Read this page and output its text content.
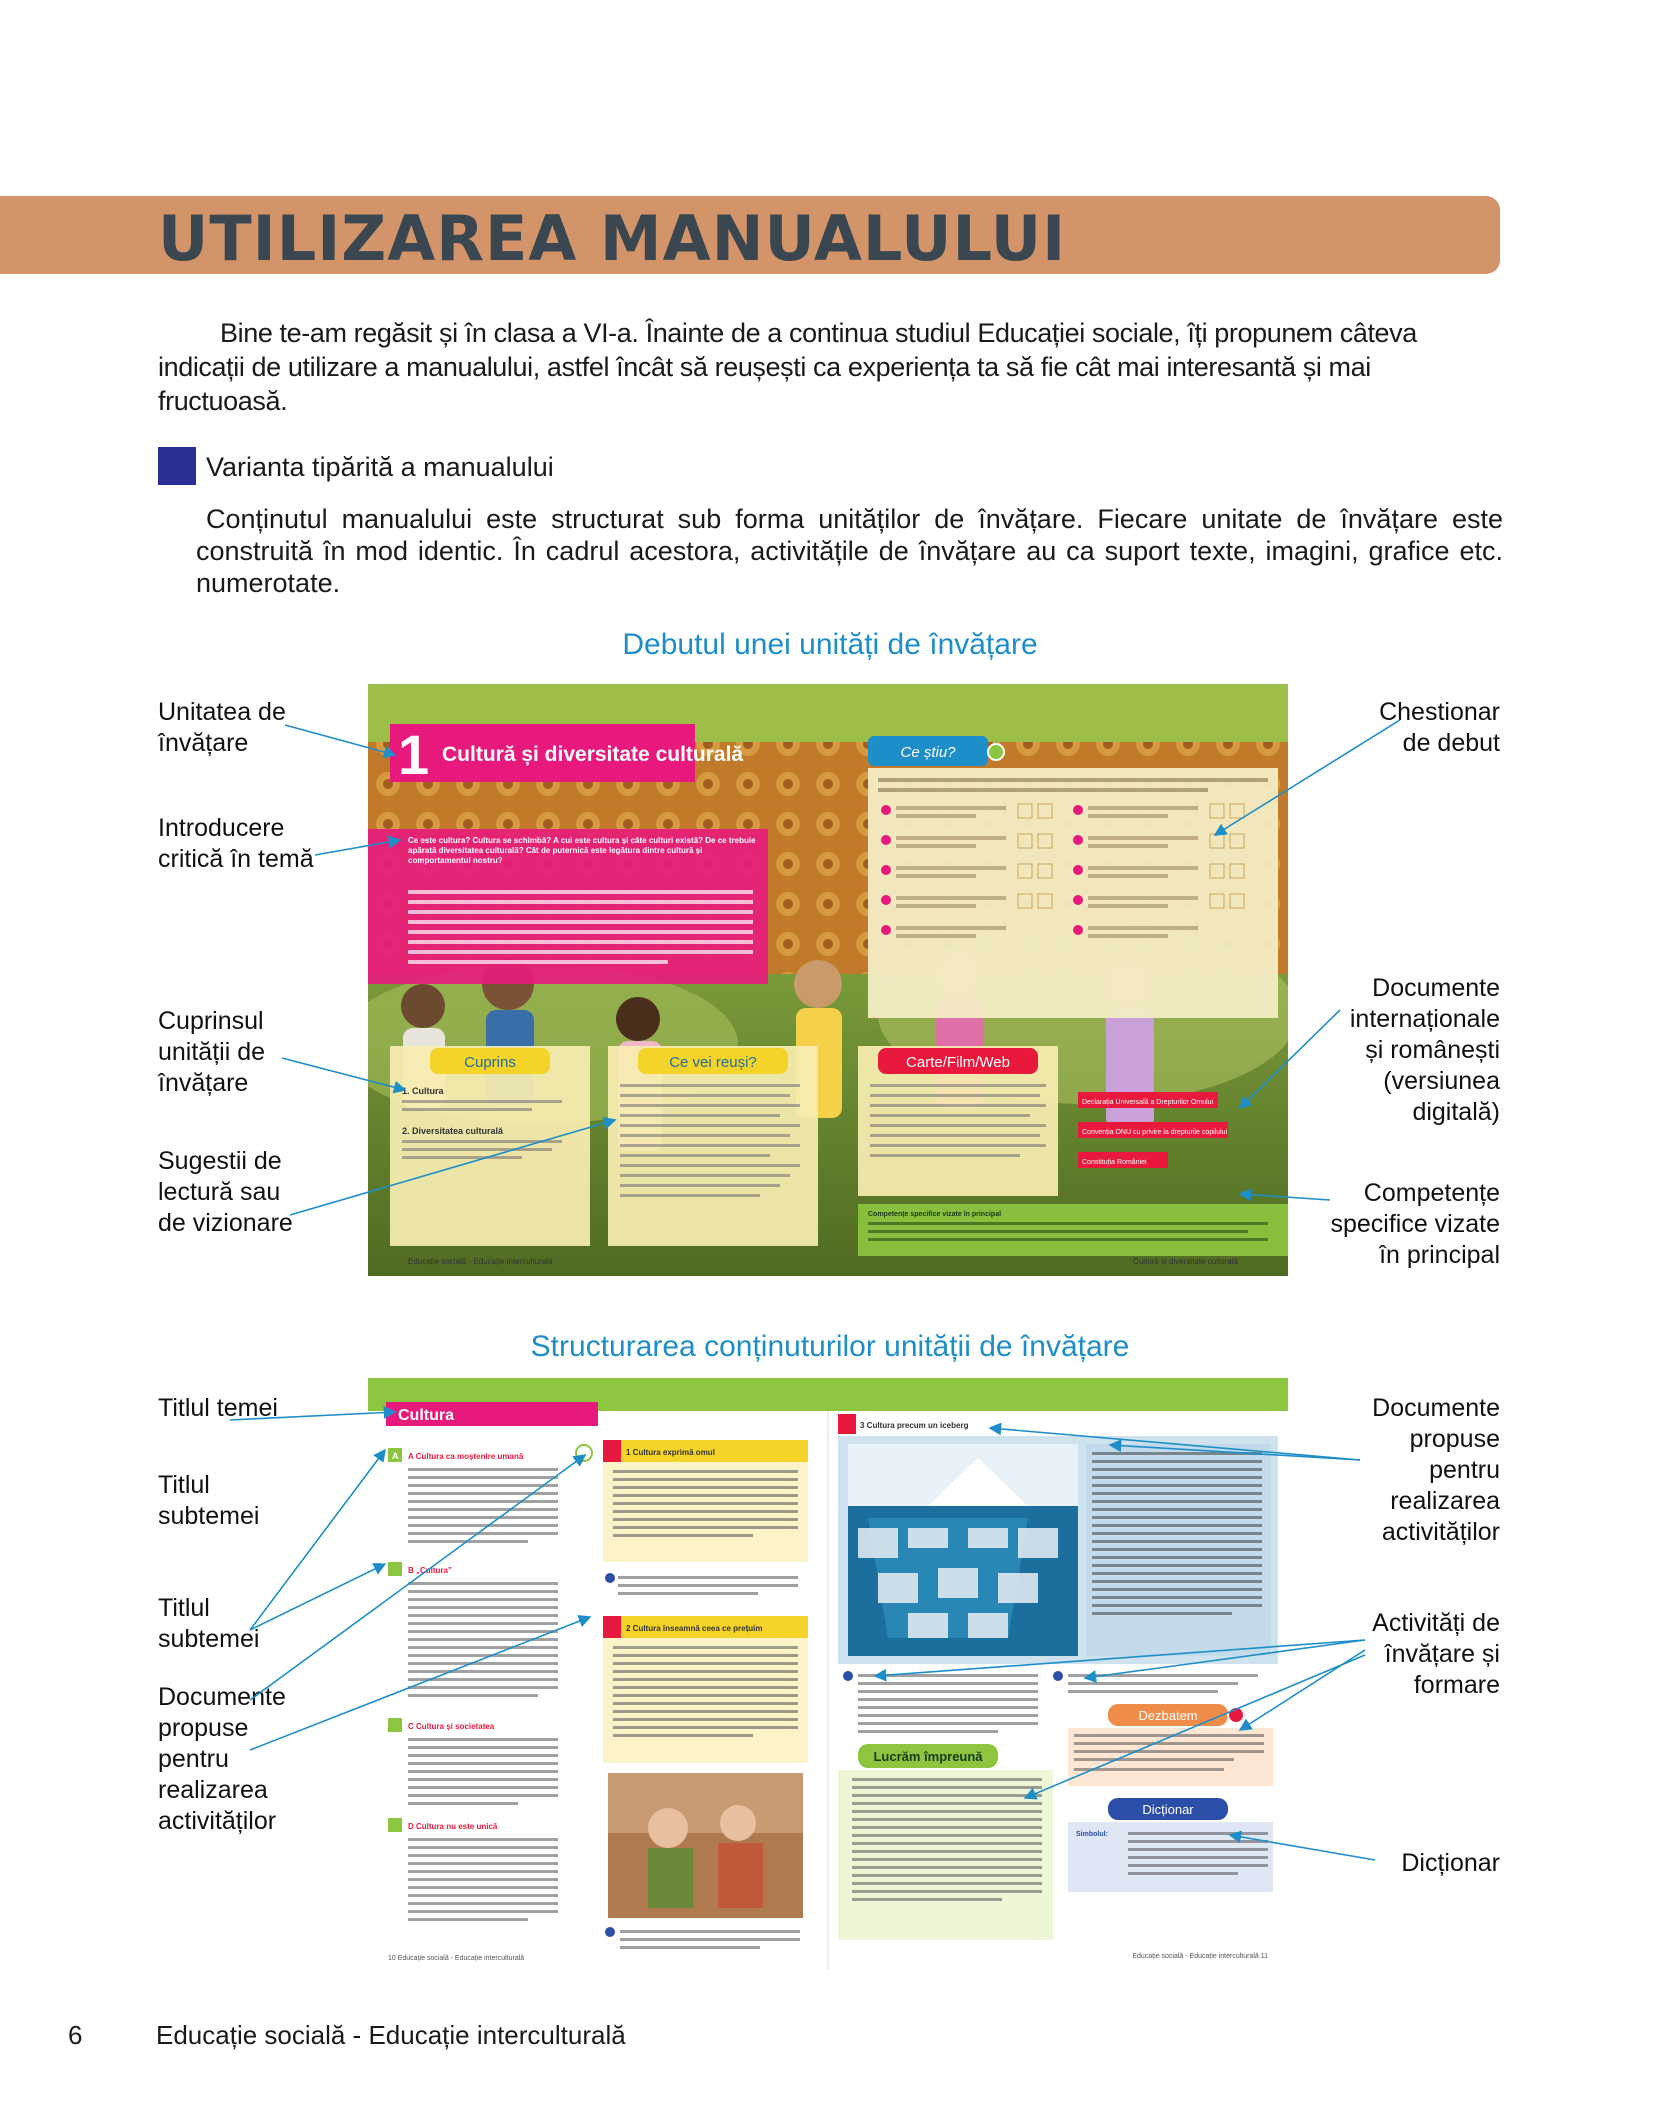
UTILIZAREA MANUALULUI
Bine te-am regăsit și în clasa a VI-a. Înainte de a continua studiul Educației sociale, îți propunem câteva indicații de utilizare a manualului, astfel încât să reușești ca experiența ta să fie cât mai interesantă și mai fructuoasă.
Varianta tipărită a manualului
Conținutul manualului este structurat sub forma unităților de învățare. Fiecare unitate de învățare este construită în mod identic. În cadrul acestora, activitățile de învățare au ca suport texte, imagini, grafice etc. numerotate.
Debutul unei unități de învățare
Unitatea de învățare
Introducere critică în temă
Cuprinsul unității de învățare
Sugestii de lectură sau de vizionare
Chestionar de debut
Documente internaționale și românești (versiunea digitală)
Competențe specifice vizate în principal
1 Cultură și diversitate culturală
Ce este cultura? Cultura se schimbă? A cui este cultura și câte culturi există? De ce trebuie apărată diversitatea culturală? Cât de puternică este legătura dintre cultură și comportamentul nostru?
Ce știu?
Cuprins
1. Cultura
2. Diversitatea culturală
Ce vei reuși?	Carte/Film/Web
Declarația Universală a Drepturilor Omului
Convenția ONU cu privire la drepturile copilului
Constituția României
Competențe specifice vizate în principal
Educație socială - Educație interculturală	Cultură și diversitate culturală
Structurarea conținuturilor unității de învățare
Titlul temei
Titlul subtemei
Titlul subtemei
Documente propuse pentru realizarea activităților
Documente propuse pentru realizarea activităților
Activități de învățare și formare
Dicționar
Cultura
A A Cultura ca moștenire umană
B „Cultura”
C Cultura și societatea
D Cultura nu este unică
1 Cultura exprimă omul
2 Cultura înseamnă ceea ce prețuim
10 Educație socială - Educație interculturală
3 Cultura precum un iceberg
Dezbatem
Lucrăm împreună
Dicționar
Simbolul:
Educație socială - Educație interculturală 11
6	Educație socială - Educație interculturală
